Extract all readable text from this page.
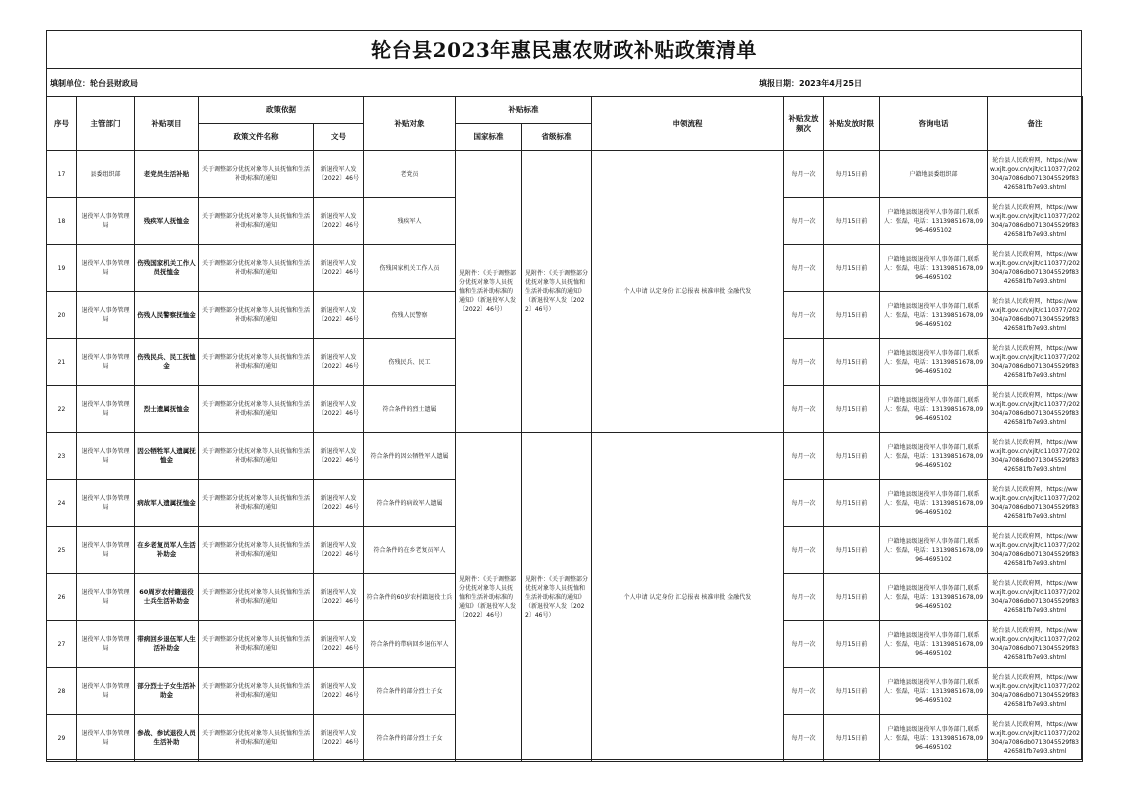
轮台县2023年惠民惠农财政补贴政策清单
填制单位：轮台县财政局	填报日期：2023年4月25日
序号	主管部门	补贴项目	政策依据		补贴对象	补贴标准		申领流程	补贴发放频次	补贴发放时限	咨询电话	备注
			政策文件名称	文号		国家标准	省级标准					
17	县委组织部	老党员生活补贴	关于调整部分优抚对象等人员抚恤和生活补助标准的通知	新退役军人发〔2022〕46号	老党员	见附件：《关于调整部分优抚对象等人员抚恤和生活补助标准的通知》（新退役军人发〔2022〕46号）	见附件：《关于调整部分优抚对象等人员抚恤和生活补助标准的通知》（新退役军人发〔2022〕46号）	个人申请 认定身份 汇总报表 核准审批 金融代发	每月一次	每月15日前	户籍地县委组织部	轮台县人民政府网，https://www.xjlt.gov.cn/xjlt/c110377/202304/a7086db0713045529f83426581fb7e93.shtml
18	退役军人事务管理局	残疾军人抚恤金	关于调整部分优抚对象等人员抚恤和生活补助标准的通知	新退役军人发〔2022〕46号	残疾军人				每月一次	每月15日前	户籍地县级退役军人事务部门,联系人：张磊，电话：13139851678,0996-4695102	轮台县人民政府网，https://www.xjlt.gov.cn/xjlt/c110377/202304/a7086db0713045529f83426581fb7e93.shtml
19	退役军人事务管理局	伤残国家机关工作人员抚恤金	关于调整部分优抚对象等人员抚恤和生活补助标准的通知	新退役军人发〔2022〕46号	伤残国家机关工作人员				每月一次	每月15日前	户籍地县级退役军人事务部门,联系人：张磊，电话：13139851678,0996-4695102	轮台县人民政府网，https://www.xjlt.gov.cn/xjlt/c110377/202304/a7086db0713045529f83426581fb7e93.shtml
20	退役军人事务管理局	伤残人民警察抚恤金	关于调整部分优抚对象等人员抚恤和生活补助标准的通知	新退役军人发〔2022〕46号	伤残人民警察				每月一次	每月15日前	户籍地县级退役军人事务部门,联系人：张磊，电话：13139851678,0996-4695102	轮台县人民政府网，https://www.xjlt.gov.cn/xjlt/c110377/202304/a7086db0713045529f83426581fb7e93.shtml
21	退役军人事务管理局	伤残民兵、民工抚恤金	关于调整部分优抚对象等人员抚恤和生活补助标准的通知	新退役军人发〔2022〕46号	伤残民兵、民工				每月一次	每月15日前	户籍地县级退役军人事务部门,联系人：张磊，电话：13139851678,0996-4695102	轮台县人民政府网，https://www.xjlt.gov.cn/xjlt/c110377/202304/a7086db0713045529f83426581fb7e93.shtml
22	退役军人事务管理局	烈士遗属抚恤金	关于调整部分优抚对象等人员抚恤和生活补助标准的通知	新退役军人发〔2022〕46号	符合条件的烈士遗属				每月一次	每月15日前	户籍地县级退役军人事务部门,联系人：张磊，电话：13139851678,0996-4695102	轮台县人民政府网，https://www.xjlt.gov.cn/xjlt/c110377/202304/a7086db0713045529f83426581fb7e93.shtml
23	退役军人事务管理局	因公牺牲军人遗属抚恤金	关于调整部分优抚对象等人员抚恤和生活补助标准的通知	新退役军人发〔2022〕46号	符合条件的因公牺牲军人遗属	见附件：《关于调整部分优抚对象等人员抚恤和生活补助标准的通知》（新退役军人发〔2022〕46号）	见附件：《关于调整部分优抚对象等人员抚恤和生活补助标准的通知》（新退役军人发〔2022〕46号）	个人申请 认定身份 汇总报表 核准审批 金融代发	每月一次	每月15日前	户籍地县级退役军人事务部门,联系人：张磊，电话：13139851678,0996-4695102	轮台县人民政府网，https://www.xjlt.gov.cn/xjlt/c110377/202304/a7086db0713045529f83426581fb7e93.shtml
24	退役军人事务管理局	病故军人遗属抚恤金	关于调整部分优抚对象等人员抚恤和生活补助标准的通知	新退役军人发〔2022〕46号	符合条件的病故军人遗属				每月一次	每月15日前	户籍地县级退役军人事务部门,联系人：张磊，电话：13139851678,0996-4695102	轮台县人民政府网，https://www.xjlt.gov.cn/xjlt/c110377/202304/a7086db0713045529f83426581fb7e93.shtml
25	退役军人事务管理局	在乡老复员军人生活补助金	关于调整部分优抚对象等人员抚恤和生活补助标准的通知	新退役军人发〔2022〕46号	符合条件的在乡老复员军人				每月一次	每月15日前	户籍地县级退役军人事务部门,联系人：张磊，电话：13139851678,0996-4695102	轮台县人民政府网，https://www.xjlt.gov.cn/xjlt/c110377/202304/a7086db0713045529f83426581fb7e93.shtml
26	退役军人事务管理局	60周岁农村籍退役士兵生活补助金	关于调整部分优抚对象等人员抚恤和生活补助标准的通知	新退役军人发〔2022〕46号	符合条件的60岁农村籍退役士兵				每月一次	每月15日前	户籍地县级退役军人事务部门,联系人：张磊，电话：13139851678,0996-4695102	轮台县人民政府网，https://www.xjlt.gov.cn/xjlt/c110377/202304/a7086db0713045529f83426581fb7e93.shtml
27	退役军人事务管理局	带病回乡退伍军人生活补助金	关于调整部分优抚对象等人员抚恤和生活补助标准的通知	新退役军人发〔2022〕46号	符合条件的带病回乡退伍军人				每月一次	每月15日前	户籍地县级退役军人事务部门,联系人：张磊，电话：13139851678,0996-4695102	轮台县人民政府网，https://www.xjlt.gov.cn/xjlt/c110377/202304/a7086db0713045529f83426581fb7e93.shtml
28	退役军人事务管理局	部分烈士子女生活补助金	关于调整部分优抚对象等人员抚恤和生活补助标准的通知	新退役军人发〔2022〕46号	符合条件的部分烈士子女				每月一次	每月15日前	户籍地县级退役军人事务部门,联系人：张磊，电话：13139851678,0996-4695102	轮台县人民政府网，https://www.xjlt.gov.cn/xjlt/c110377/202304/a7086db0713045529f83426581fb7e93.shtml
29	退役军人事务管理局	参战、参试退役人员生活补助	关于调整部分优抚对象等人员抚恤和生活补助标准的通知	新退役军人发〔2022〕46号	符合条件的部分烈士子女				每月一次	每月15日前	户籍地县级退役军人事务部门,联系人：张磊，电话：13139851678,0996-4695102	轮台县人民政府网，https://www.xjlt.gov.cn/xjlt/c110377/202304/a7086db0713045529f83426581fb7e93.shtml
